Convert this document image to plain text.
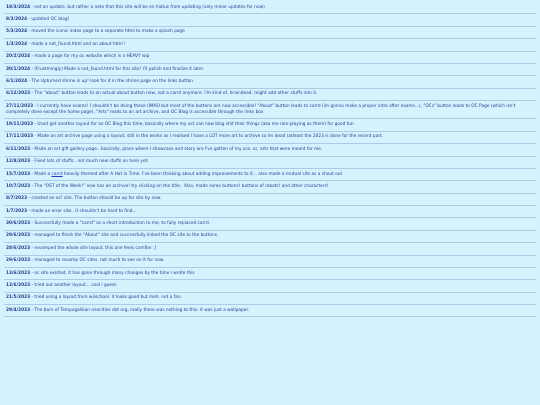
18/3/2024 - not an update, but rather a note that this site will be on hiatus from updating (only minor updates for now)
8/3/2024 - updated OC blog!
5/3/2024 - moved the iconic index page to a separate html to make a splash page
1/3/2024 - made a not_found.html and an about html !
20/2/2024 - made a page for my oc website which is a HEAVY wip
30/1/2024 - (Frustmingly) Made a not_found.html for this site! I'll polish and finalize it later.
6/1/2024 - The Upturned shrine is up! look for it in the shrine page on the links button.
6/12/2023 - The "about" button leads to an actual about button now, not a carrd anymore. I'm kind of, braindead. might add other stuffs into it.
27/11/2023 - I currently have exams! I shouldn't be doing these (IMAO but most of the buttons are now accessible! "About" button leads to carrd (im gonna make a proper intro after exams...), "OCs" button leads to OC Page (which isn't completely done except the home page), "Arts" leads to an art archive, and OC Blog is accessible through the links box
19/11/2023 - Used get another layout for an OC Blog this time, basically where my oct can now blog shit their things (aka me role-playing as them) for good fun
17/11/2023 - Made an art archive page using a layout, still in the works as I realised I have a LOT more art to archive so im dead (atleast the 2023 is done for the recent part.
6/11/2023 - Made an art gift gallery page.. basically, place where I showcase and story are I've gotten of my ocs. or, arts that were meant for me.
12/8/2023 - Fixed lots of stuffs.. not much new stuffs on here yet.
15/7/2023 - Made a carrd heavily themed after A Hat in Time. I've been thinking about adding improvements to it... also made a mutual site as a shout out
10/7/2023 - The "OST of the Week!" now has an archive! try clicking on the title.. Also, made some buttons! buttons of robots! and other characters!
8/7/2023 - created an oc! site. The button should be up for site by now.
1/7/2023 - made an error site.. it shouldn't be hard to find...
30/6/2023 - Successfully made a "carrd" as a short introduction to me, to fully replaced carrd.
29/6/2023 - managed to finish the "About" site and successfully linked the OC site to the buttons.
28/6/2023 - revamped the whole site layout. this one feels comfier :]
29/6/2023 - managed to revamp OC sites. not much to see on it for now.
13/6/2023 - oc site existed. it has gone through many changes by the time i wrote this
12/6/2023 - tried out another layout... cool i guess
21/5/2023 - tried using a layout from w3school. it looks good but meh. not a fan.
29/4/2023 - The born of Tempogalikan neocities dot org, really there was nothing to this. it was just a wallpaper.
